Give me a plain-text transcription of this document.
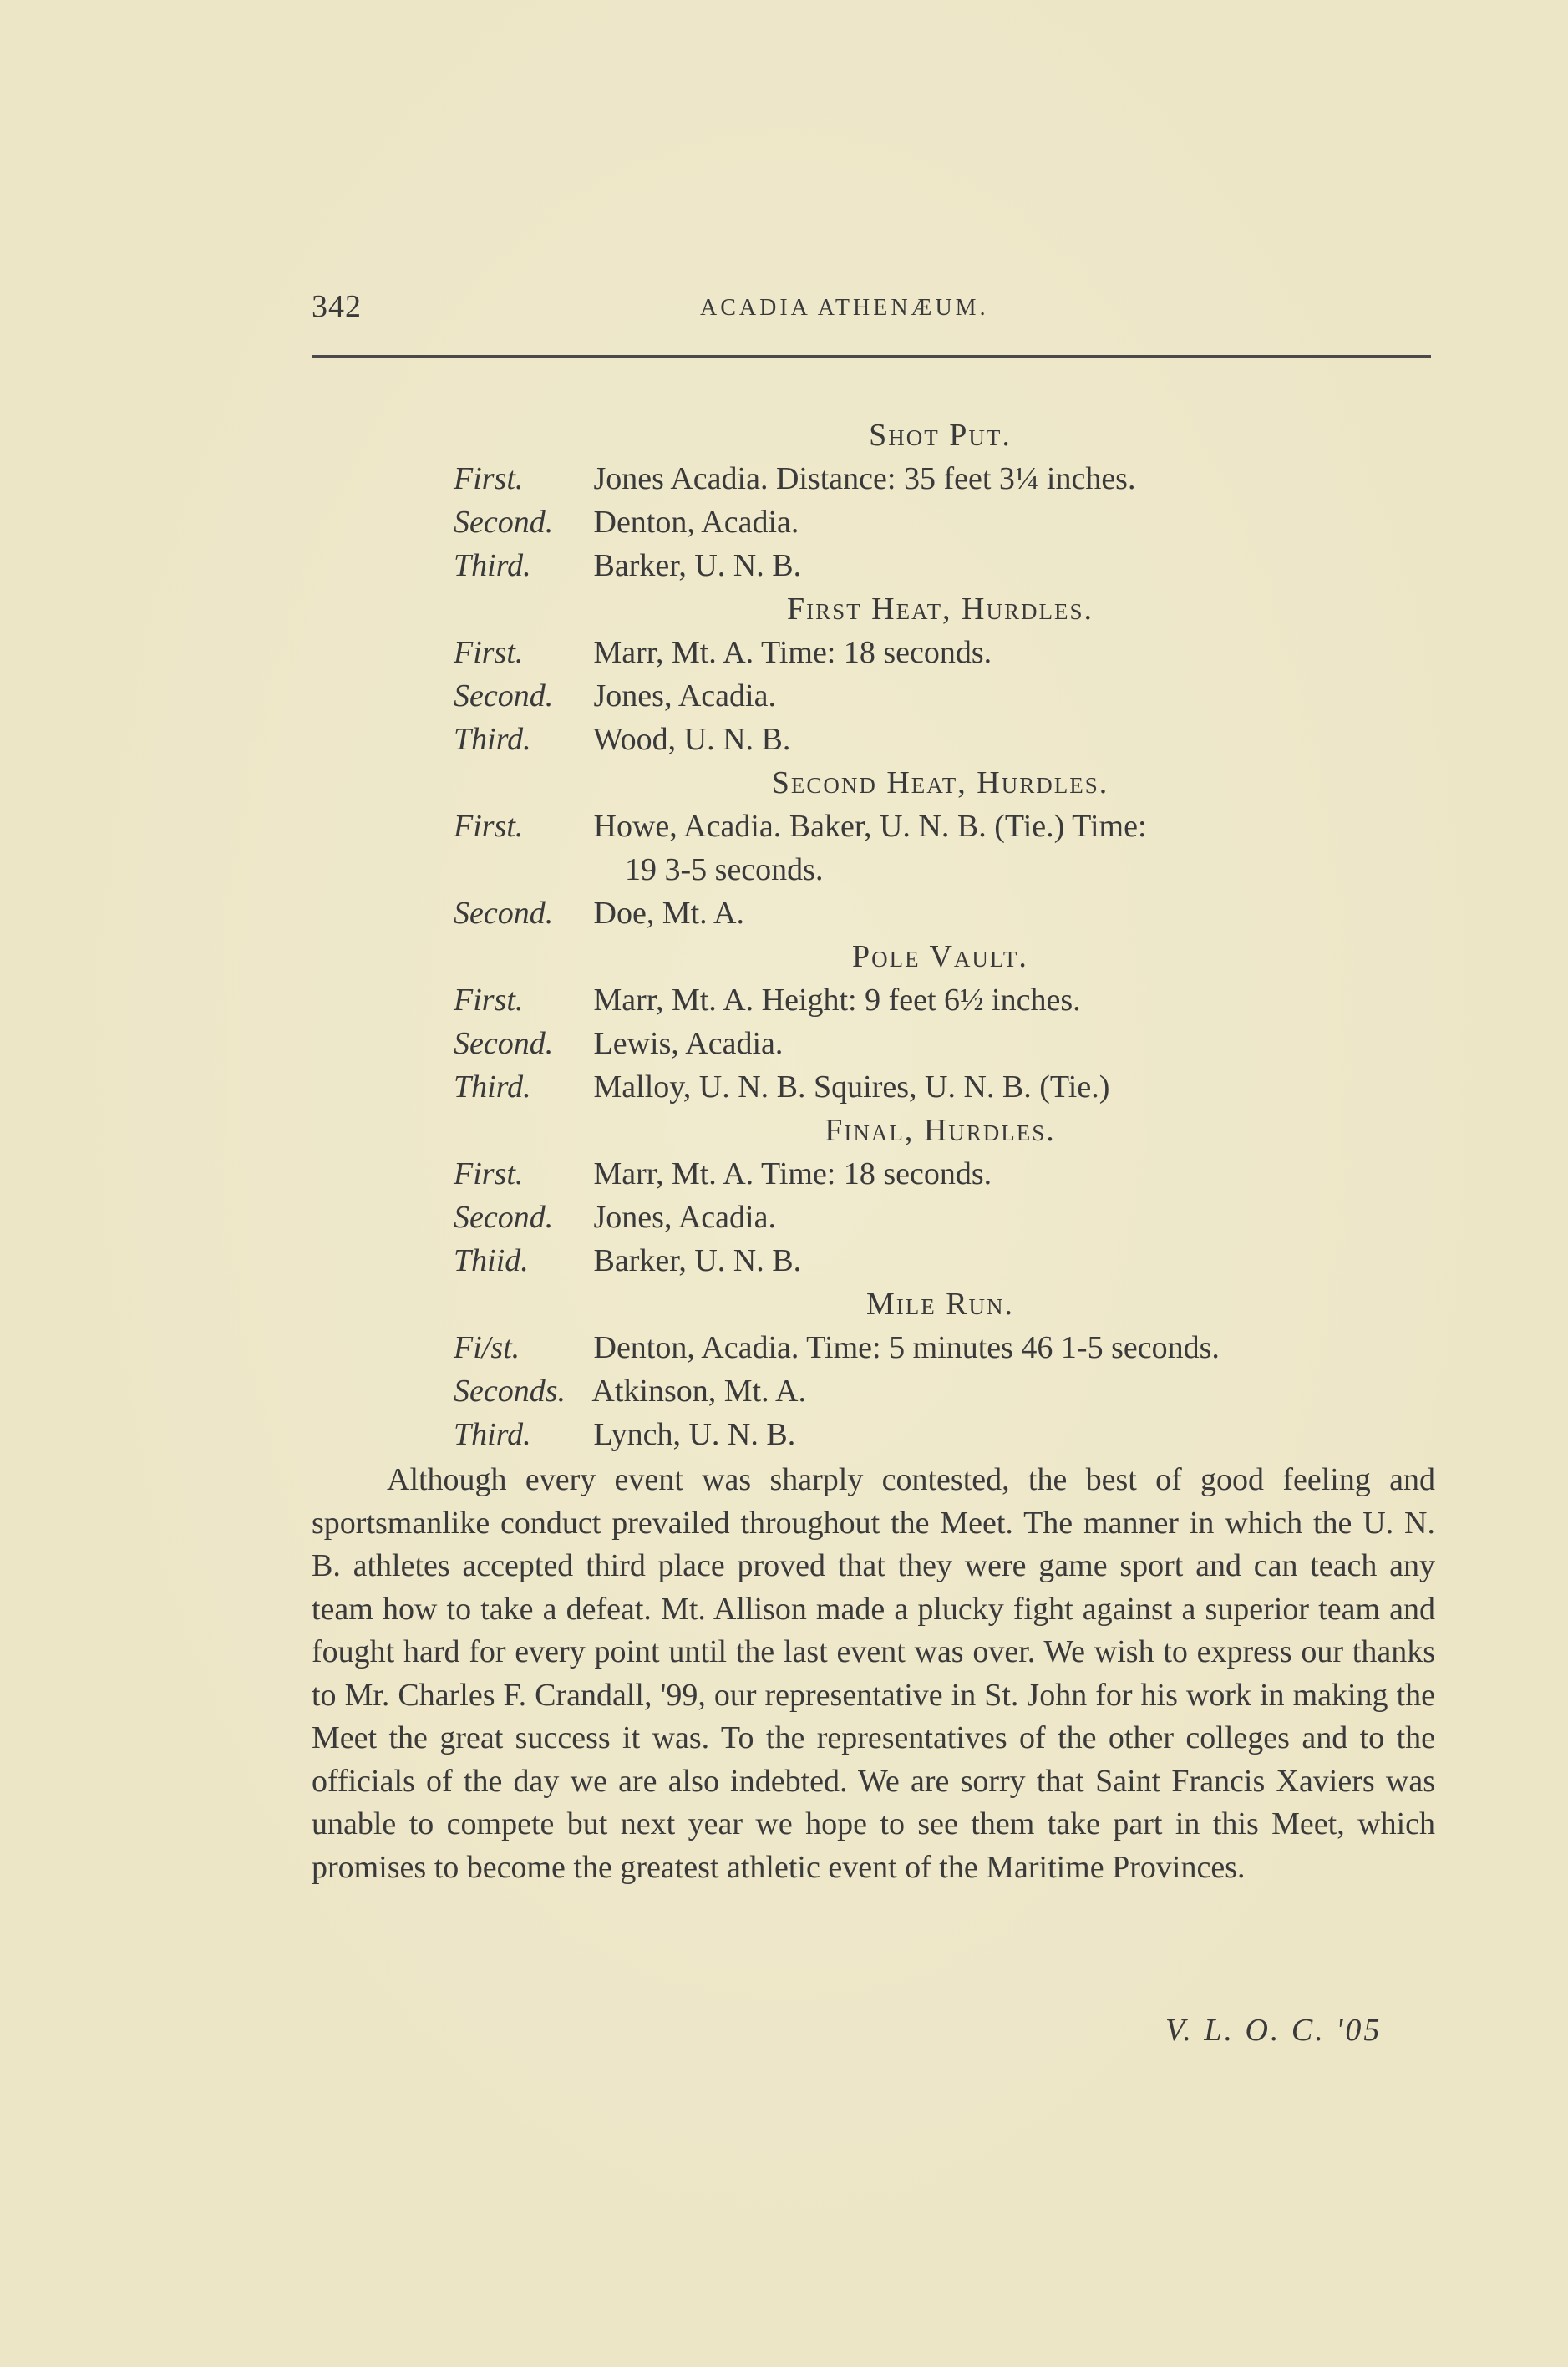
342	ACADIA ATHENÆUM.
Shot Put.
First. Jones Acadia. Distance: 35 feet 3¼ inches.
Second. Denton, Acadia.
Third. Barker, U. N. B.
First Heat, Hurdles.
First. Marr, Mt. A. Time: 18 seconds.
Second. Jones, Acadia.
Third. Wood, U. N. B.
Second Heat, Hurdles.
First. Howe, Acadia. Baker, U. N. B. (Tie.) Time:
19 3-5 seconds.
Second. Doe, Mt. A.
Pole Vault.
First. Marr, Mt. A. Height: 9 feet 6½ inches.
Second. Lewis, Acadia.
Third. Malloy, U. N. B. Squires, U. N. B. (Tie.)
Final, Hurdles.
First. Marr, Mt. A. Time: 18 seconds.
Second. Jones, Acadia.
Thiid. Barker, U. N. B.
Mile Run.
Fi/st. Denton, Acadia. Time: 5 minutes 46 1-5 seconds.
Seconds. Atkinson, Mt. A.
Third. Lynch, U. N. B.
Although every event was sharply contested, the best of good feeling and sportsmanlike conduct prevailed throughout the Meet. The manner in which the U. N. B. athletes accepted third place proved that they were game sport and can teach any team how to take a defeat. Mt. Allison made a plucky fight against a superior team and fought hard for every point until the last event was over. We wish to express our thanks to Mr. Charles F. Crandall, '99, our representative in St. John for his work in making the Meet the great success it was. To the representatives of the other colleges and to the officials of the day we are also indebted. We are sorry that Saint Francis Xaviers was unable to compete but next year we hope to see them take part in this Meet, which promises to become the greatest athletic event of the Maritime Provinces.
V. L. O. C. '05
